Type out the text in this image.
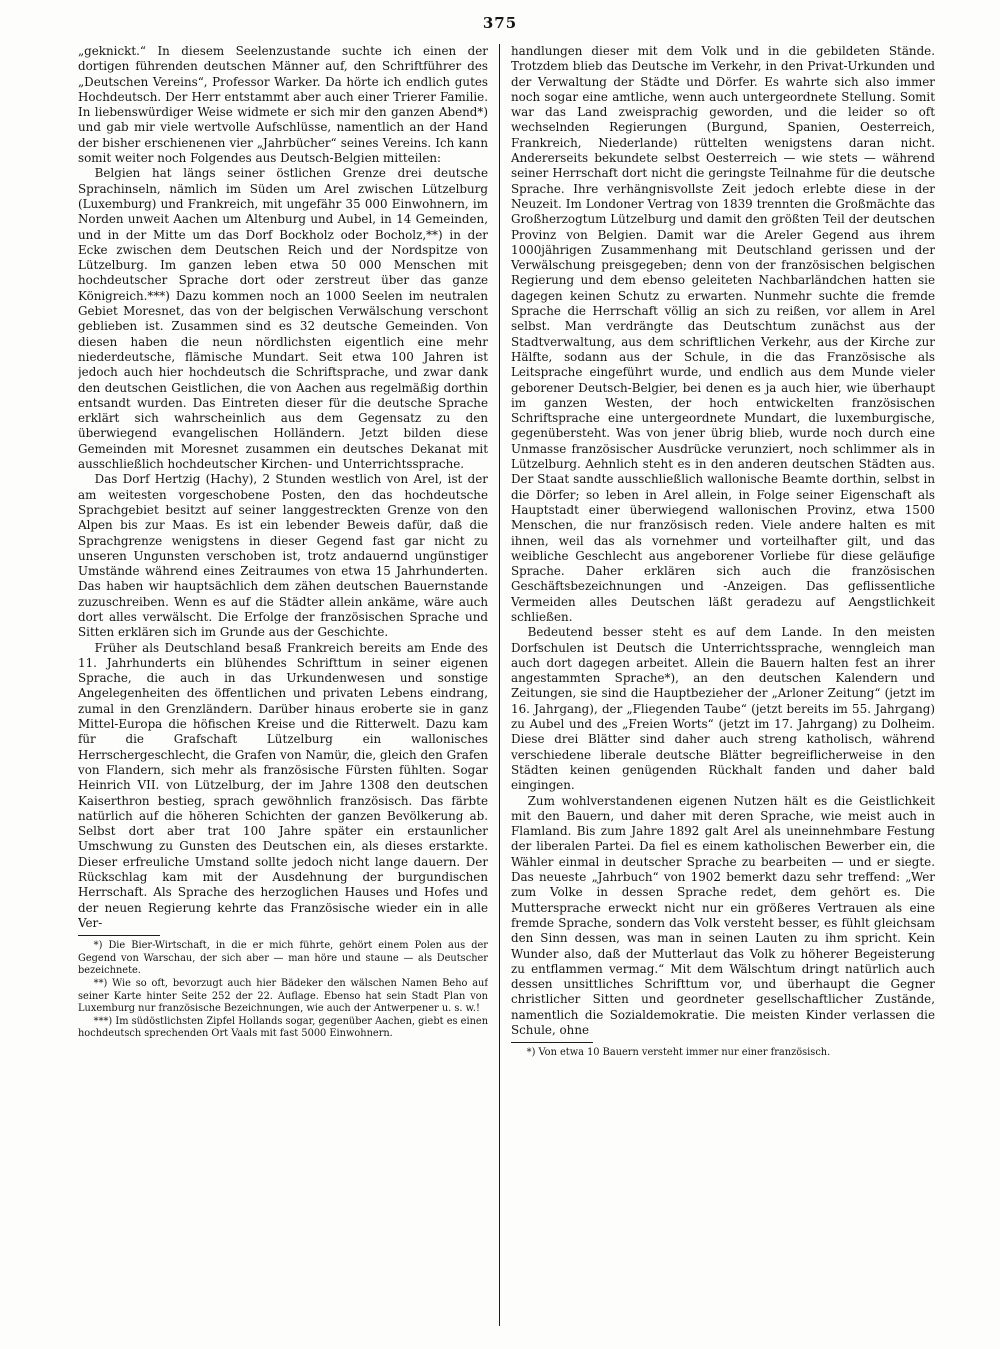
375

„geknickt.“ In diesem Seelenzustande suchte ich einen der dortigen führenden deutschen Männer auf, den Schriftführer des „Deutschen Vereins“, Professor Warker. Da hörte ich endlich gutes Hochdeutsch. Der Herr entstammt aber auch einer Trierer Familie. In liebenswürdiger Weise widmete er sich mir den ganzen Abend*) und gab mir viele wertvolle Aufschlüsse, namentlich an der Hand der bisher erschienenen vier „Jahrbücher“ seines Vereins. Ich kann somit weiter noch Folgendes aus Deutsch-Belgien mitteilen:

Belgien hat längs seiner östlichen Grenze drei deutsche Sprachinseln, nämlich im Süden um Arel zwischen Lützelburg (Luxemburg) und Frankreich, mit ungefähr 35 000 Einwohnern, im Norden unweit Aachen um Altenburg und Aubel, in 14 Gemeinden, und in der Mitte um das Dorf Bockholz oder Bocholz,**) in der Ecke zwischen dem Deutschen Reich und der Nordspitze von Lützelburg. Im ganzen leben etwa 50 000 Menschen mit hochdeutscher Sprache dort oder zerstreut über das ganze Königreich.***) Dazu kommen noch an 1000 Seelen im neutralen Gebiet Moresnet, das von der belgischen Verwälschung verschont geblieben ist. Zusammen sind es 32 deutsche Gemeinden. Von diesen haben die neun nördlichsten eigentlich eine mehr niederdeutsche, flämische Mundart. Seit etwa 100 Jahren ist jedoch auch hier hochdeutsch die Schriftsprache, und zwar dank den deutschen Geistlichen, die von Aachen aus regelmäßig dorthin entsandt wurden. Das Eintreten dieser für die deutsche Sprache erklärt sich wahrscheinlich aus dem Gegensatz zu den überwiegend evangelischen Holländern. Jetzt bilden diese Gemeinden mit Moresnet zusammen ein deutsches Dekanat mit ausschließlich hochdeutscher Kirchen- und Unterrichtssprache.

Das Dorf Hertzig (Hachy), 2 Stunden westlich von Arel, ist der am weitesten vorgeschobene Posten, den das hochdeutsche Sprachgebiet besitzt auf seiner langgestreckten Grenze von den Alpen bis zur Maas. Es ist ein lebender Beweis dafür, daß die Sprachgrenze wenigstens in dieser Gegend fast gar nicht zu unseren Ungunsten verschoben ist, trotz andauernd ungünstiger Umstände während eines Zeitraumes von etwa 15 Jahrhunderten. Das haben wir hauptsächlich dem zähen deutschen Bauernstande zuzuschreiben. Wenn es auf die Städter allein ankäme, wäre auch dort alles verwälscht. Die Erfolge der französischen Sprache und Sitten erklären sich im Grunde aus der Geschichte.

Früher als Deutschland besaß Frankreich bereits am Ende des 11. Jahrhunderts ein blühendes Schrifttum in seiner eigenen Sprache, die auch in das Urkundenwesen und sonstige Angelegenheiten des öffentlichen und privaten Lebens eindrang, zumal in den Grenzländern. Darüber hinaus eroberte sie in ganz Mittel-Europa die höfischen Kreise und die Ritterwelt. Dazu kam für die Grafschaft Lützelburg ein wallonisches Herrschergeschlecht, die Grafen von Namür, die, gleich den Grafen von Flandern, sich mehr als französische Fürsten fühlten. Sogar Heinrich VII. von Lützelburg, der im Jahre 1308 den deutschen Kaiserthron bestieg, sprach gewöhnlich französisch. Das färbte natürlich auf die höheren Schichten der ganzen Bevölkerung ab. Selbst dort aber trat 100 Jahre später ein erstaunlicher Umschwung zu Gunsten des Deutschen ein, als dieses erstarkte. Dieser erfreuliche Umstand sollte jedoch nicht lange dauern. Der Rückschlag kam mit der Ausdehnung der burgundischen Herrschaft. Als Sprache des herzoglichen Hauses und Hofes und der neuen Regierung kehrte das Französische wieder ein in alle Ver-

*) Die Bier-Wirtschaft, in die er mich führte, gehört einem Polen aus der Gegend von Warschau, der sich aber — man höre und staune — als Deutscher bezeichnete.

**) Wie so oft, bevorzugt auch hier Bädeker den wälschen Namen Beho auf seiner Karte hinter Seite 252 der 22. Auflage. Ebenso hat sein Stadt Plan von Luxemburg nur französische Bezeichnungen, wie auch der Antwerpener u. s. w.!

***) Im südöstlichsten Zipfel Hollands sogar, gegenüber Aachen, giebt es einen hochdeutsch sprechenden Ort Vaals mit fast 5000 Einwohnern.

handlungen dieser mit dem Volk und in die gebildeten Stände. Trotzdem blieb das Deutsche im Verkehr, in den Privat-Urkunden und der Verwaltung der Städte und Dörfer. Es wahrte sich also immer noch sogar eine amtliche, wenn auch untergeordnete Stellung. Somit war das Land zweisprachig geworden, und die leider so oft wechselnden Regierungen (Burgund, Spanien, Oesterreich, Frankreich, Niederlande) rüttelten wenigstens daran nicht. Andererseits bekundete selbst Oesterreich — wie stets — während seiner Herrschaft dort nicht die geringste Teilnahme für die deutsche Sprache. Ihre verhängnisvollste Zeit jedoch erlebte diese in der Neuzeit. Im Londoner Vertrag von 1839 trennten die Großmächte das Großherzogtum Lützelburg und damit den größten Teil der deutschen Provinz von Belgien. Damit war die Areler Gegend aus ihrem 1000jährigen Zusammenhang mit Deutschland gerissen und der Verwälschung preisgegeben; denn von der französischen belgischen Regierung und dem ebenso geleiteten Nachbarländchen hatten sie dagegen keinen Schutz zu erwarten. Nunmehr suchte die fremde Sprache die Herrschaft völlig an sich zu reißen, vor allem in Arel selbst. Man verdrängte das Deutschtum zunächst aus der Stadtverwaltung, aus dem schriftlichen Verkehr, aus der Kirche zur Hälfte, sodann aus der Schule, in die das Französische als Leitsprache eingeführt wurde, und endlich aus dem Munde vieler geborener Deutsch-Belgier, bei denen es ja auch hier, wie überhaupt im ganzen Westen, der hoch entwickelten französischen Schriftsprache eine untergeordnete Mundart, die luxemburgische, gegenübersteht. Was von jener übrig blieb, wurde noch durch eine Unmasse französischer Ausdrücke verunziert, noch schlimmer als in Lützelburg. Aehnlich steht es in den anderen deutschen Städten aus. Der Staat sandte ausschließlich wallonische Beamte dorthin, selbst in die Dörfer; so leben in Arel allein, in Folge seiner Eigenschaft als Hauptstadt einer überwiegend wallonischen Provinz, etwa 1500 Menschen, die nur französisch reden. Viele andere halten es mit ihnen, weil das als vornehmer und vorteilhafter gilt, und das weibliche Geschlecht aus angeborener Vorliebe für diese geläufige Sprache. Daher erklären sich auch die französischen Geschäftsbezeichnungen und -Anzeigen. Das geflissentliche Vermeiden alles Deutschen läßt geradezu auf Aengstlichkeit schließen.

Bedeutend besser steht es auf dem Lande. In den meisten Dorfschulen ist Deutsch die Unterrichtssprache, wenngleich man auch dort dagegen arbeitet. Allein die Bauern halten fest an ihrer angestammten Sprache*), an den deutschen Kalendern und Zeitungen, sie sind die Hauptbezieher der „Arloner Zeitung“ (jetzt im 16. Jahrgang), der „Fliegenden Taube“ (jetzt bereits im 55. Jahrgang) zu Aubel und des „Freien Worts“ (jetzt im 17. Jahrgang) zu Dolheim. Diese drei Blätter sind daher auch streng katholisch, während verschiedene liberale deutsche Blätter begreiflicherweise in den Städten keinen genügenden Rückhalt fanden und daher bald eingingen.

Zum wohlverstandenen eigenen Nutzen hält es die Geistlichkeit mit den Bauern, und daher mit deren Sprache, wie meist auch in Flamland. Bis zum Jahre 1892 galt Arel als uneinnehmbare Festung der liberalen Partei. Da fiel es einem katholischen Bewerber ein, die Wähler einmal in deutscher Sprache zu bearbeiten — und er siegte. Das neueste „Jahrbuch“ von 1902 bemerkt dazu sehr treffend: „Wer zum Volke in dessen Sprache redet, dem gehört es. Die Muttersprache erweckt nicht nur ein größeres Vertrauen als eine fremde Sprache, sondern das Volk versteht besser, es fühlt gleichsam den Sinn dessen, was man in seinen Lauten zu ihm spricht. Kein Wunder also, daß der Mutterlaut das Volk zu höherer Begeisterung zu entflammen vermag.“ Mit dem Wälschtum dringt natürlich auch dessen unsittliches Schrifttum vor, und überhaupt die Gegner christlicher Sitten und geordneter gesellschaftlicher Zustände, namentlich die Sozialdemokratie. Die meisten Kinder verlassen die Schule, ohne

*) Von etwa 10 Bauern versteht immer nur einer französisch.
